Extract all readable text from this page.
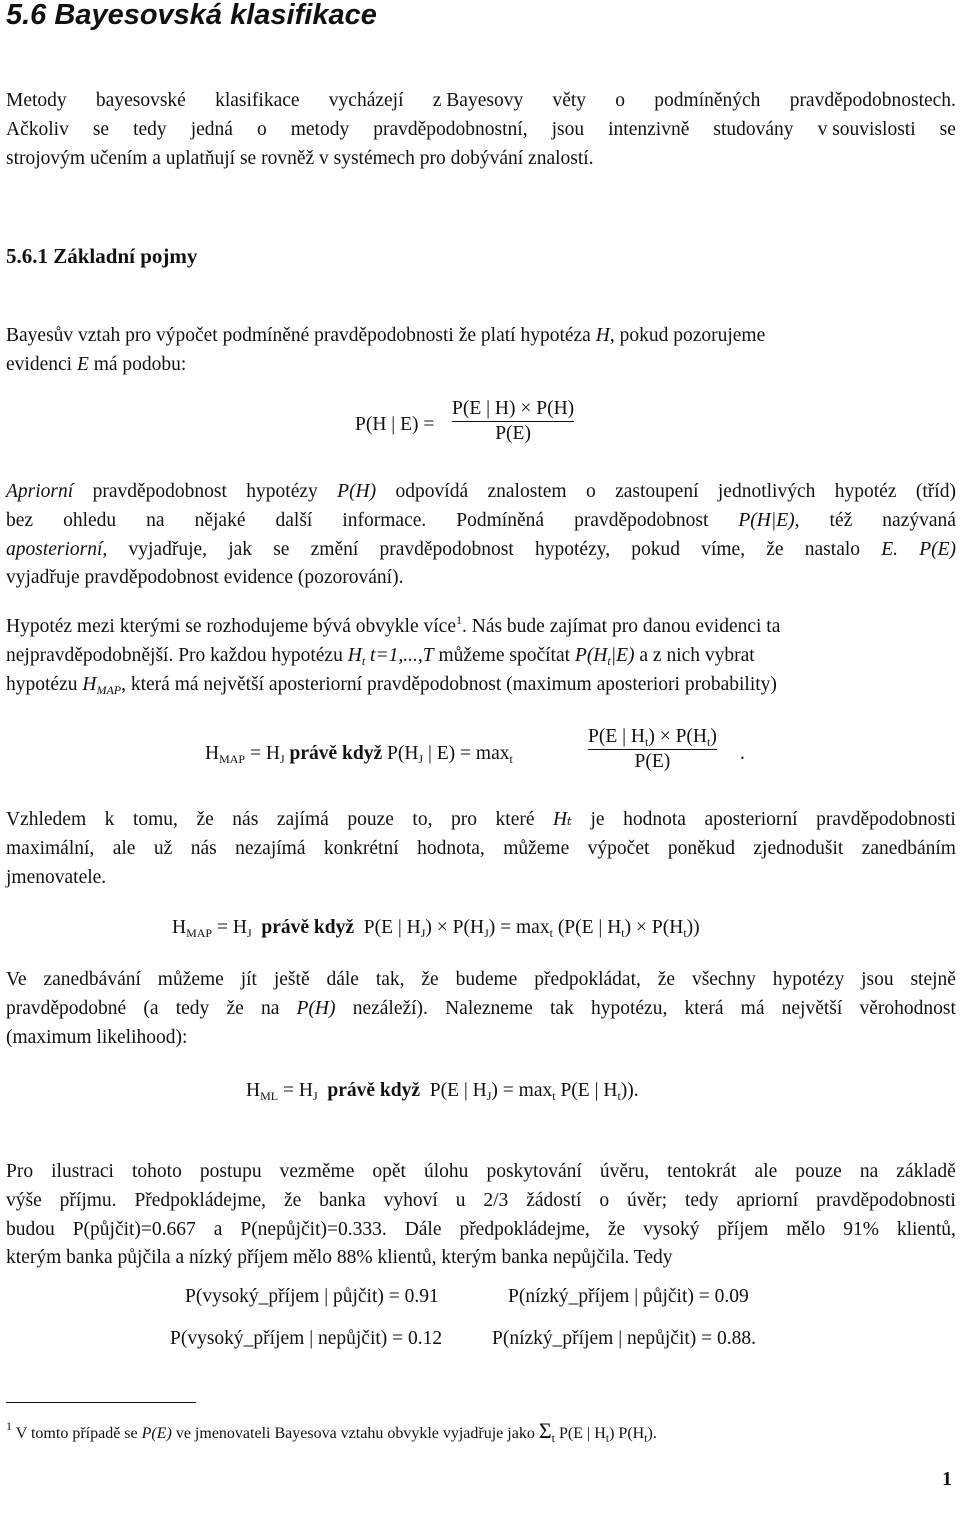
5.6 Bayesovská klasifikace
Metody bayesovské klasifikace vycházejí z Bayesovy věty o podmíněných pravděpodobnostech.
Ačkoliv se tedy jedná o metody pravděpodobnostní, jsou intenzivně studovány v souvislosti se
strojovým učením a uplatňují se rovněž v systémech pro dobývání znalostí.
5.6.1 Základní pojmy
Bayesův vztah pro výpočet podmíněné pravděpodobnosti že platí hypotéza H, pokud pozorujeme
evidenci E má podobu:
P(H | E) =
P(E | H) × P(H)
P(E)
Apriorní pravděpodobnost hypotézy P(H) odpovídá znalostem o zastoupení jednotlivých hypotéz (tříd)
bez ohledu na nějaké další informace. Podmíněná pravděpodobnost P(H|E), též nazývaná
aposteriorní, vyjadřuje, jak se změní pravděpodobnost hypotézy, pokud víme, že nastalo E. P(E)
vyjadřuje pravděpodobnost evidence (pozorování).
Hypotéz mezi kterými se rozhodujeme bývá obvykle více$^1$. Nás bude zajímat pro danou evidenci ta
nejpravděpodobnější. Pro každou hypotézu $H_t$ t=1,...,T můžeme spočítat $P(H_t|E)$ a z nich vybrat
hypotézu $H_{MAP}$, která má největší aposteriorní pravděpodobnost (maximum aposteriori probability)
$H_{MAP} = H_J$ právě když $P(H_J$ | $E) = \max_t$
P(E | $H_t) \times P(H_t)$
P(E)	.
Vzhledem k tomu, že nás zajímá pouze to, pro které Hₜ je hodnota aposteriorní pravděpodobnosti
maximální, ale už nás nezajímá konkrétní hodnota, můžeme výpočet poněkud zjednodušit zanedbáním
jmenovatele.
$H_{MAP} = H_J$  právě když  P(E | $H_J) \times P(H_J) = \max_t (P(E$ | $H_t) \times P(H_t)$)
Ve zanedbávání můžeme jít ještě dále tak, že budeme předpokládat, že všechny hypotézy jsou stejně
pravděpodobné (a tedy že na P(H) nezáleží). Nalezneme tak hypotézu, která má největší věrohodnost
(maximum likelihood):
$H_{ML} = H_J$  právě když  P(E | $H_J) = \max_t P(E$ | $H_t$)).
Pro ilustraci tohoto postupu vezměme opět úlohu poskytování úvěru, tentokrát ale pouze na základě
výše příjmu. Předpokládejme, že banka vyhoví u 2/3 žádostí o úvěr; tedy apriorní pravděpodobnosti
budou P(půjčit)=0.667 a P(nepůjčit)=0.333. Dále předpokládejme, že vysoký příjem mělo 91% klientů,
kterým banka půjčila a nízký příjem mělo 88% klientů, kterým banka nepůjčila. Tedy
P(vysoký_příjem | půjčit) = 0.91	P(nízký_příjem | půjčit) = 0.09
P(vysoký_příjem | nepůjčit) = 0.12	P(nízký_příjem | nepůjčit) = 0.88.
$^1$ V tomto případě se P(E) ve jmenovateli Bayesova vztahu obvykle vyjadřuje jako $\Sigma_t$ P(E | $H_t$) $P(H_t)$.
1
